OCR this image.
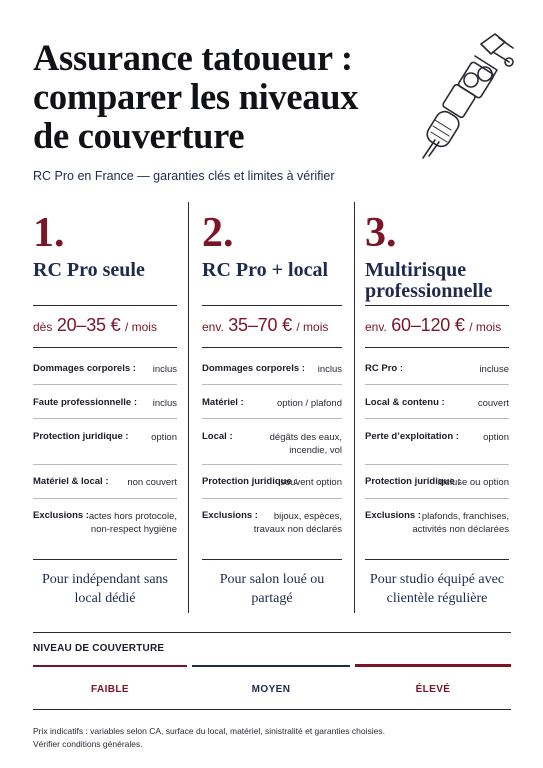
Assurance tatoueur :
comparer les niveaux
de couverture
RC Pro en France — garanties clés et limites à vérifier
1.
RC Pro seule
dès 20–35 € / mois
Dommages corporels : inclus
Faute professionnelle : inclus
Protection juridique : option
Matériel & local : non couvert
Exclusions : actes hors protocole,
non-respect hygiène
Pour indépendant sans
local dédié
2.
RC Pro + local
env. 35–70 € / mois
Dommages corporels : inclus
Matériel :	option / plafond
Local :	dégâts des eaux,
incendie, vol
Protection juridique :
souvent option
Exclusions :	bijoux, espèces,
travaux non déclarés
Pour salon loué ou partagé
3.
Multirisque
professionnelle
env. 60–120 € / mois
RC Pro :	incluse
Local & contenu :	couvert
Perte d’exploitation :	option
Protection juridique :
incluse ou option
Exclusions : plafonds, franchises,
activités non déclarées
Pour studio équipé avec
clientèle régulière
NIVEAU DE COUVERTURE
FAIBLE	MOYEN	ÉLEVÉ
Prix indicatifs : variables selon CA, surface du local, matériel, sinistralité et garanties choisies.
Vérifier conditions générales.
